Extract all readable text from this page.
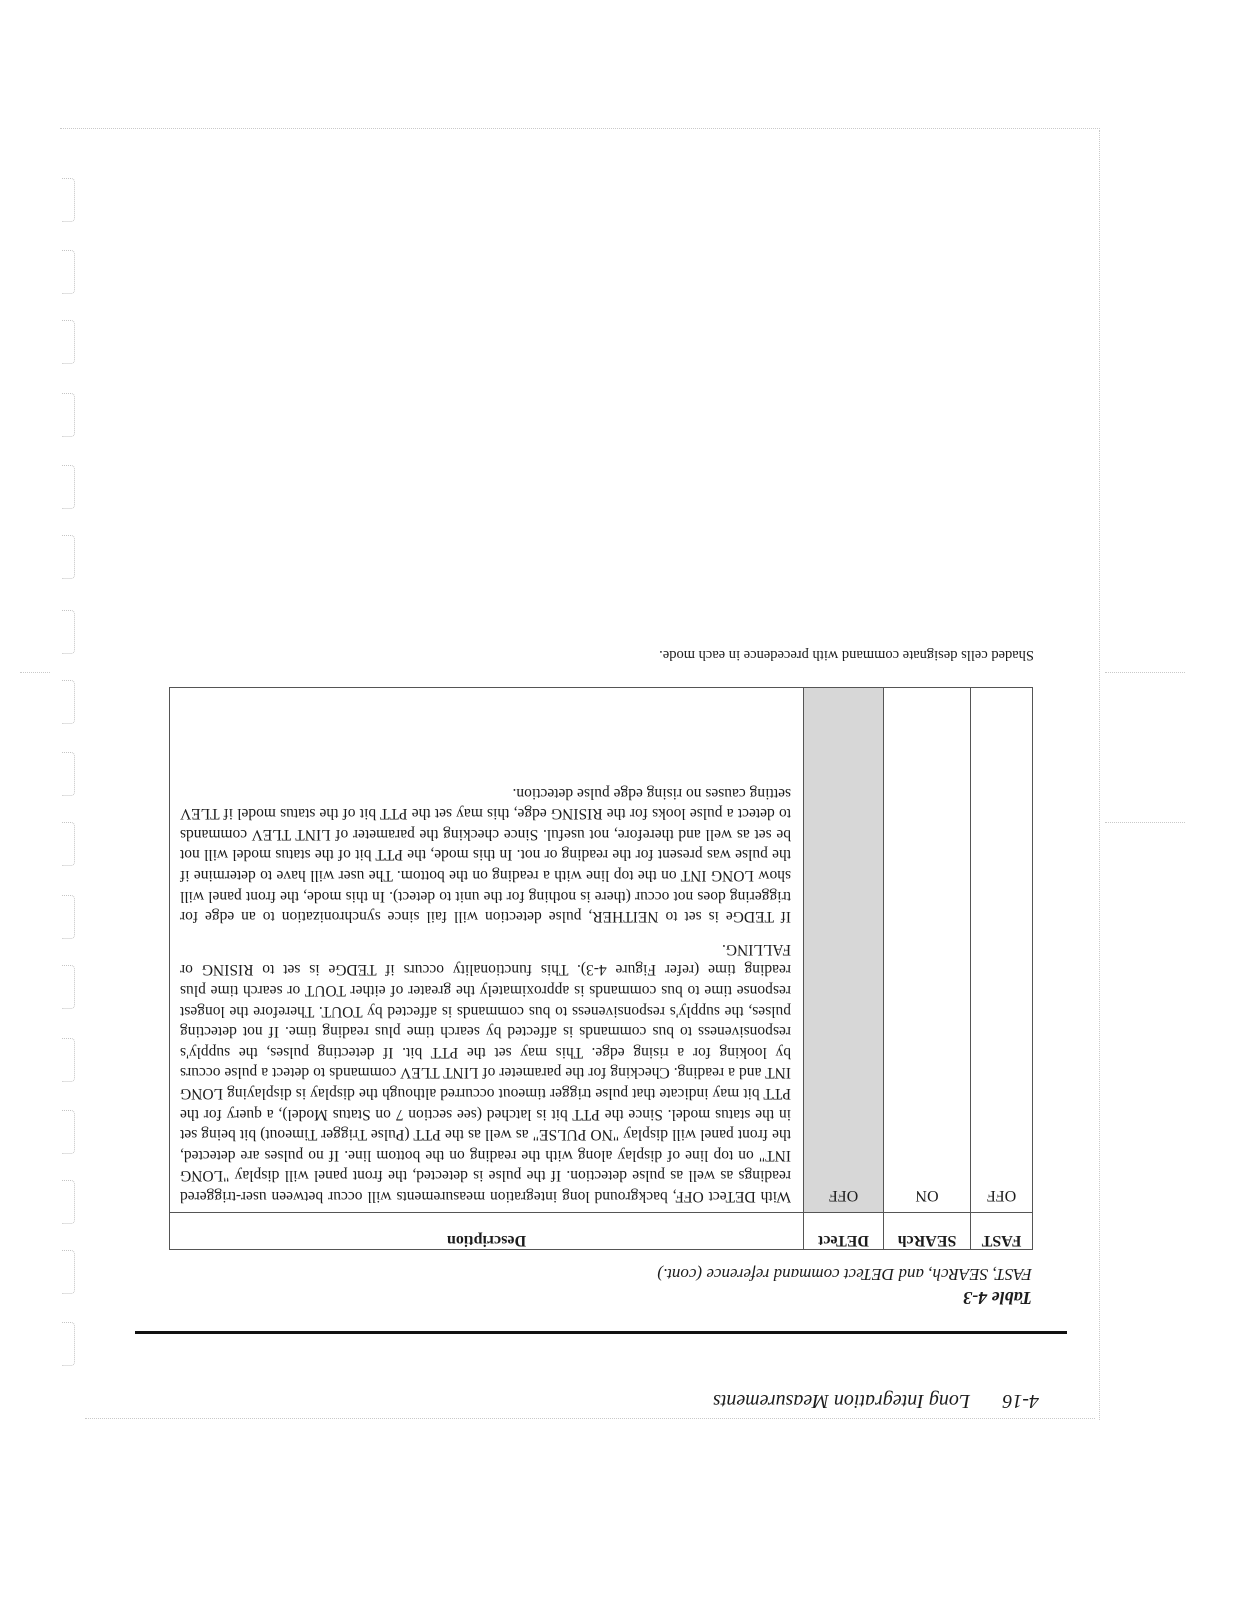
4-16 Long Integration Measurements
Table 4-3
FAST, SEARch, and DETect command reference (cont.)
FAST	SEARch	DETect	Description
OFF	ON	OFF	With DETect OFF, background long integration measurements will occur between user-triggered readings as well as pulse detection. If the pulse is detected, the front panel will display "LONG INT" on top line of display along with the reading on the bottom line. If no pulses are detected, the front panel will display "NO PULSE" as well as the PTT (Pulse Trigger Timeout) bit being set in the status model. Since the PTT bit is latched (see section 7 on Status Model), a query for the PTT bit may indicate that pulse trigger timeout occurred although the display is displaying LONG INT and a reading. Checking for the parameter of LINT TLEV commands to detect a pulse occurs by looking for a rising edge. This may set the PTT bit. If detecting pulses, the supply's responsiveness to bus commands is affected by search time plus reading time. If not detecting pulses, the supply's responsiveness to bus commands is affected by TOUT. Therefore the longest response time to bus commands is approximately the greater of either TOUT or search time plus reading time (refer Figure 4-3). This functionality occurs if TEDGe is set to RISING or FALLING.

If TEDGe is set to NEITHER, pulse detection will fail since synchronization to an edge for triggering does not occur (there is nothing for the unit to detect). In this mode, the front panel will show LONG INT on the top line with a reading on the bottom. The user will have to determine if the pulse was present for the reading or not. In this mode, the PTT bit of the status model will not be set as well and therefore, not useful. Since checking the parameter of LINT TLEV commands to detect a pulse looks for the RISING edge, this may set the PTT bit of the status model if TLEV setting causes no rising edge pulse detection.

Shaded cells designate command with precedence in each mode.
